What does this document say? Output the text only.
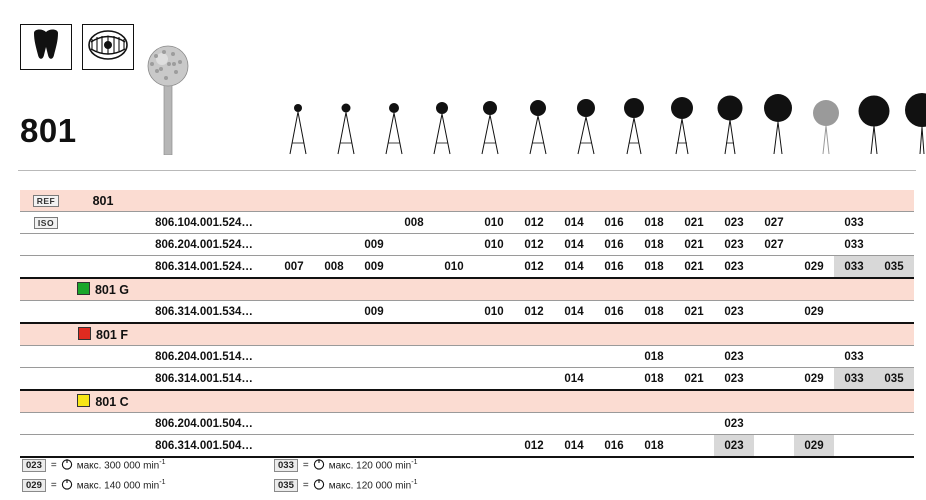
801
REF	801																	
ISO		806.104.001.524…				008		010	012	014	016	018	021	023	027		033	
		806.204.001.524…			009			010	012	014	016	018	021	023	027		033	
		806.314.001.524…	007	008	009		010		012	014	016	018	021	023		029	033	035
	801 G																	
		806.314.001.534…			009			010	012	014	016	018	021	023		029		
	801 F																	
		806.204.001.514…										018		023			033	
		806.314.001.514…								014		018	021	023		029	033	035
	801 C																	
		806.204.001.504…												023				
		806.314.001.504…							012	014	016	018		023		029		
023 = макс. 300 000 $\min^{-1}$	033 = макс. 120 000 $\min^{-1}$
029 = макс. 140 000 $\min^{-1}$	035 = макс. 120 000 $\min^{-1}$
